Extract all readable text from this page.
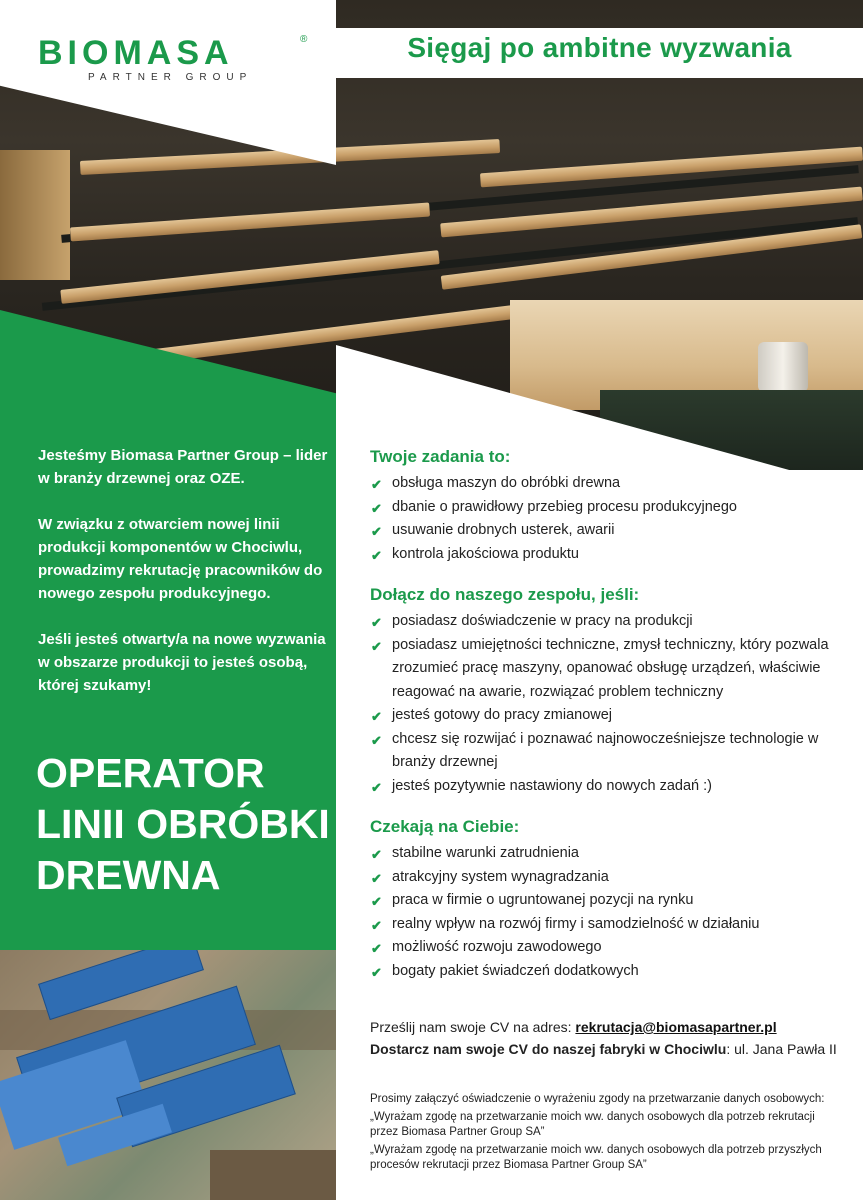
Sięgaj po ambitne wyzwania
BIOMASA	®
PARTNER GROUP

Jesteśmy Biomasa Partner Group – lider w branży drzewnej oraz OZE.

W związku z otwarciem nowej linii produkcji komponentów w Chociwlu, prowadzimy rekrutację pracowników do nowego zespołu produkcyjnego.

Jeśli jesteś otwarty/a na nowe wyzwania w obszarze produkcji to jesteś osobą, której szukamy!

OPERATOR
LINII OBRÓBKI
DREWNA
Twoje zadania to:
✔ obsługa maszyn do obróbki drewna
✔ dbanie o prawidłowy przebieg procesu produkcyjnego
✔ usuwanie drobnych usterek, awarii
✔ kontrola jakościowa produktu
Dołącz do naszego zespołu, jeśli:
✔ posiadasz doświadczenie w pracy na produkcji
✔ posiadasz umiejętności techniczne, zmysł techniczny, który pozwala zrozumieć pracę maszyny, opanować obsługę urządzeń, właściwie reagować na awarie, rozwiązać problem techniczny
✔ jesteś gotowy do pracy zmianowej
✔ chcesz się rozwijać i poznawać najnowocześniejsze technologie w branży drzewnej
✔ jesteś pozytywnie nastawiony do nowych zadań :)
Czekają na Ciebie:
✔ stabilne warunki zatrudnienia
✔ atrakcyjny system wynagradzania
✔ praca w firmie o ugruntowanej pozycji na rynku
✔ realny wpływ na rozwój firmy i samodzielność w działaniu
✔ możliwość rozwoju zawodowego
✔ bogaty pakiet świadczeń dodatkowych
Prześlij nam swoje CV na adres: rekrutacja@biomasapartner.pl
Dostarcz nam swoje CV do naszej fabryki w Chociwlu: ul. Jana Pawła II

Prosimy załączyć oświadczenie o wyrażeniu zgody na przetwarzanie danych osobowych:

„Wyrażam zgodę na przetwarzanie moich ww. danych osobowych dla potrzeb rekrutacji przez Biomasa Partner Group SA”

„Wyrażam zgodę na przetwarzanie moich ww. danych osobowych dla potrzeb przyszłych procesów rekrutacji przez Biomasa Partner Group SA”
